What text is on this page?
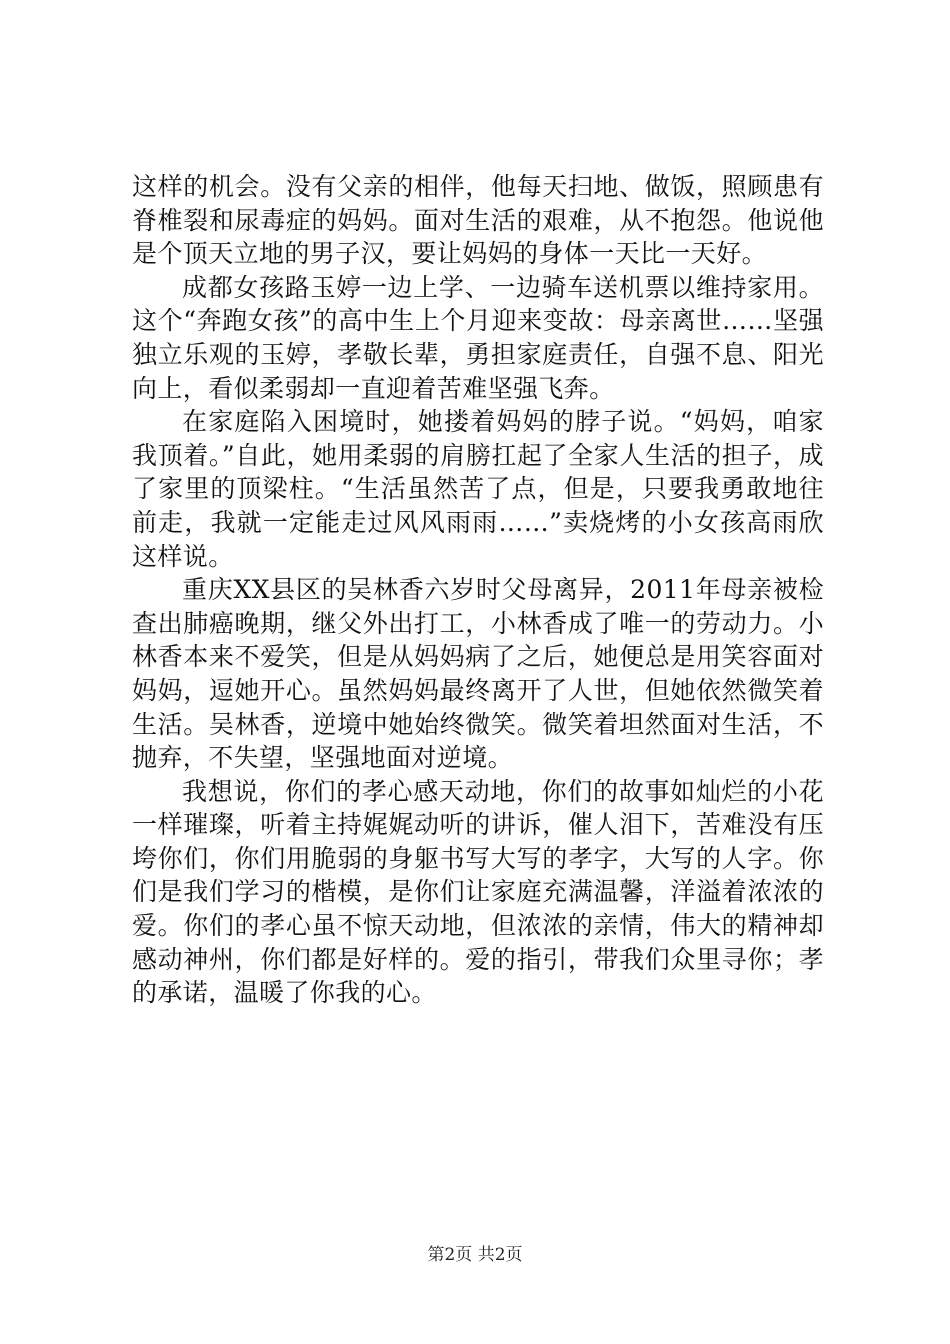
这样的机会。没有父亲的相伴，他每天扫地、做饭，照顾患有脊椎裂和尿毒症的妈妈。面对生活的艰难，从不抱怨。他说他是个顶天立地的男子汉，要让妈妈的身体一天比一天好。

成都女孩路玉婷一边上学、一边骑车送机票以维持家用。这个“奔跑女孩”的高中生上个月迎来变故：母亲离世……坚强独立乐观的玉婷，孝敬长辈，勇担家庭责任，自强不息、阳光向上，看似柔弱却一直迎着苦难坚强飞奔。

在家庭陷入困境时，她搂着妈妈的脖子说。“妈妈，咱家我顶着。”自此，她用柔弱的肩膀扛起了全家人生活的担子，成了家里的顶梁柱。“生活虽然苦了点，但是，只要我勇敢地往前走，我就一定能走过风风雨雨……”卖烧烤的小女孩高雨欣这样说。

重庆XX县区的吴林香六岁时父母离异，2011年母亲被检查出肺癌晚期，继父外出打工，小林香成了唯一的劳动力。小林香本来不爱笑，但是从妈妈病了之后，她便总是用笑容面对妈妈，逗她开心。虽然妈妈最终离开了人世，但她依然微笑着生活。吴林香，逆境中她始终微笑。微笑着坦然面对生活，不抛弃，不失望，坚强地面对逆境。

我想说，你们的孝心感天动地，你们的故事如灿烂的小花一样璀璨，听着主持娓娓动听的讲诉，催人泪下，苦难没有压垮你们，你们用脆弱的身躯书写大写的孝字，大写的人字。你们是我们学习的楷模，是你们让家庭充满温馨，洋溢着浓浓的爱。你们的孝心虽不惊天动地，但浓浓的亲情，伟大的精神却感动神州，你们都是好样的。爱的指引，带我们众里寻你；孝的承诺，温暖了你我的心。

第2页 共2页
